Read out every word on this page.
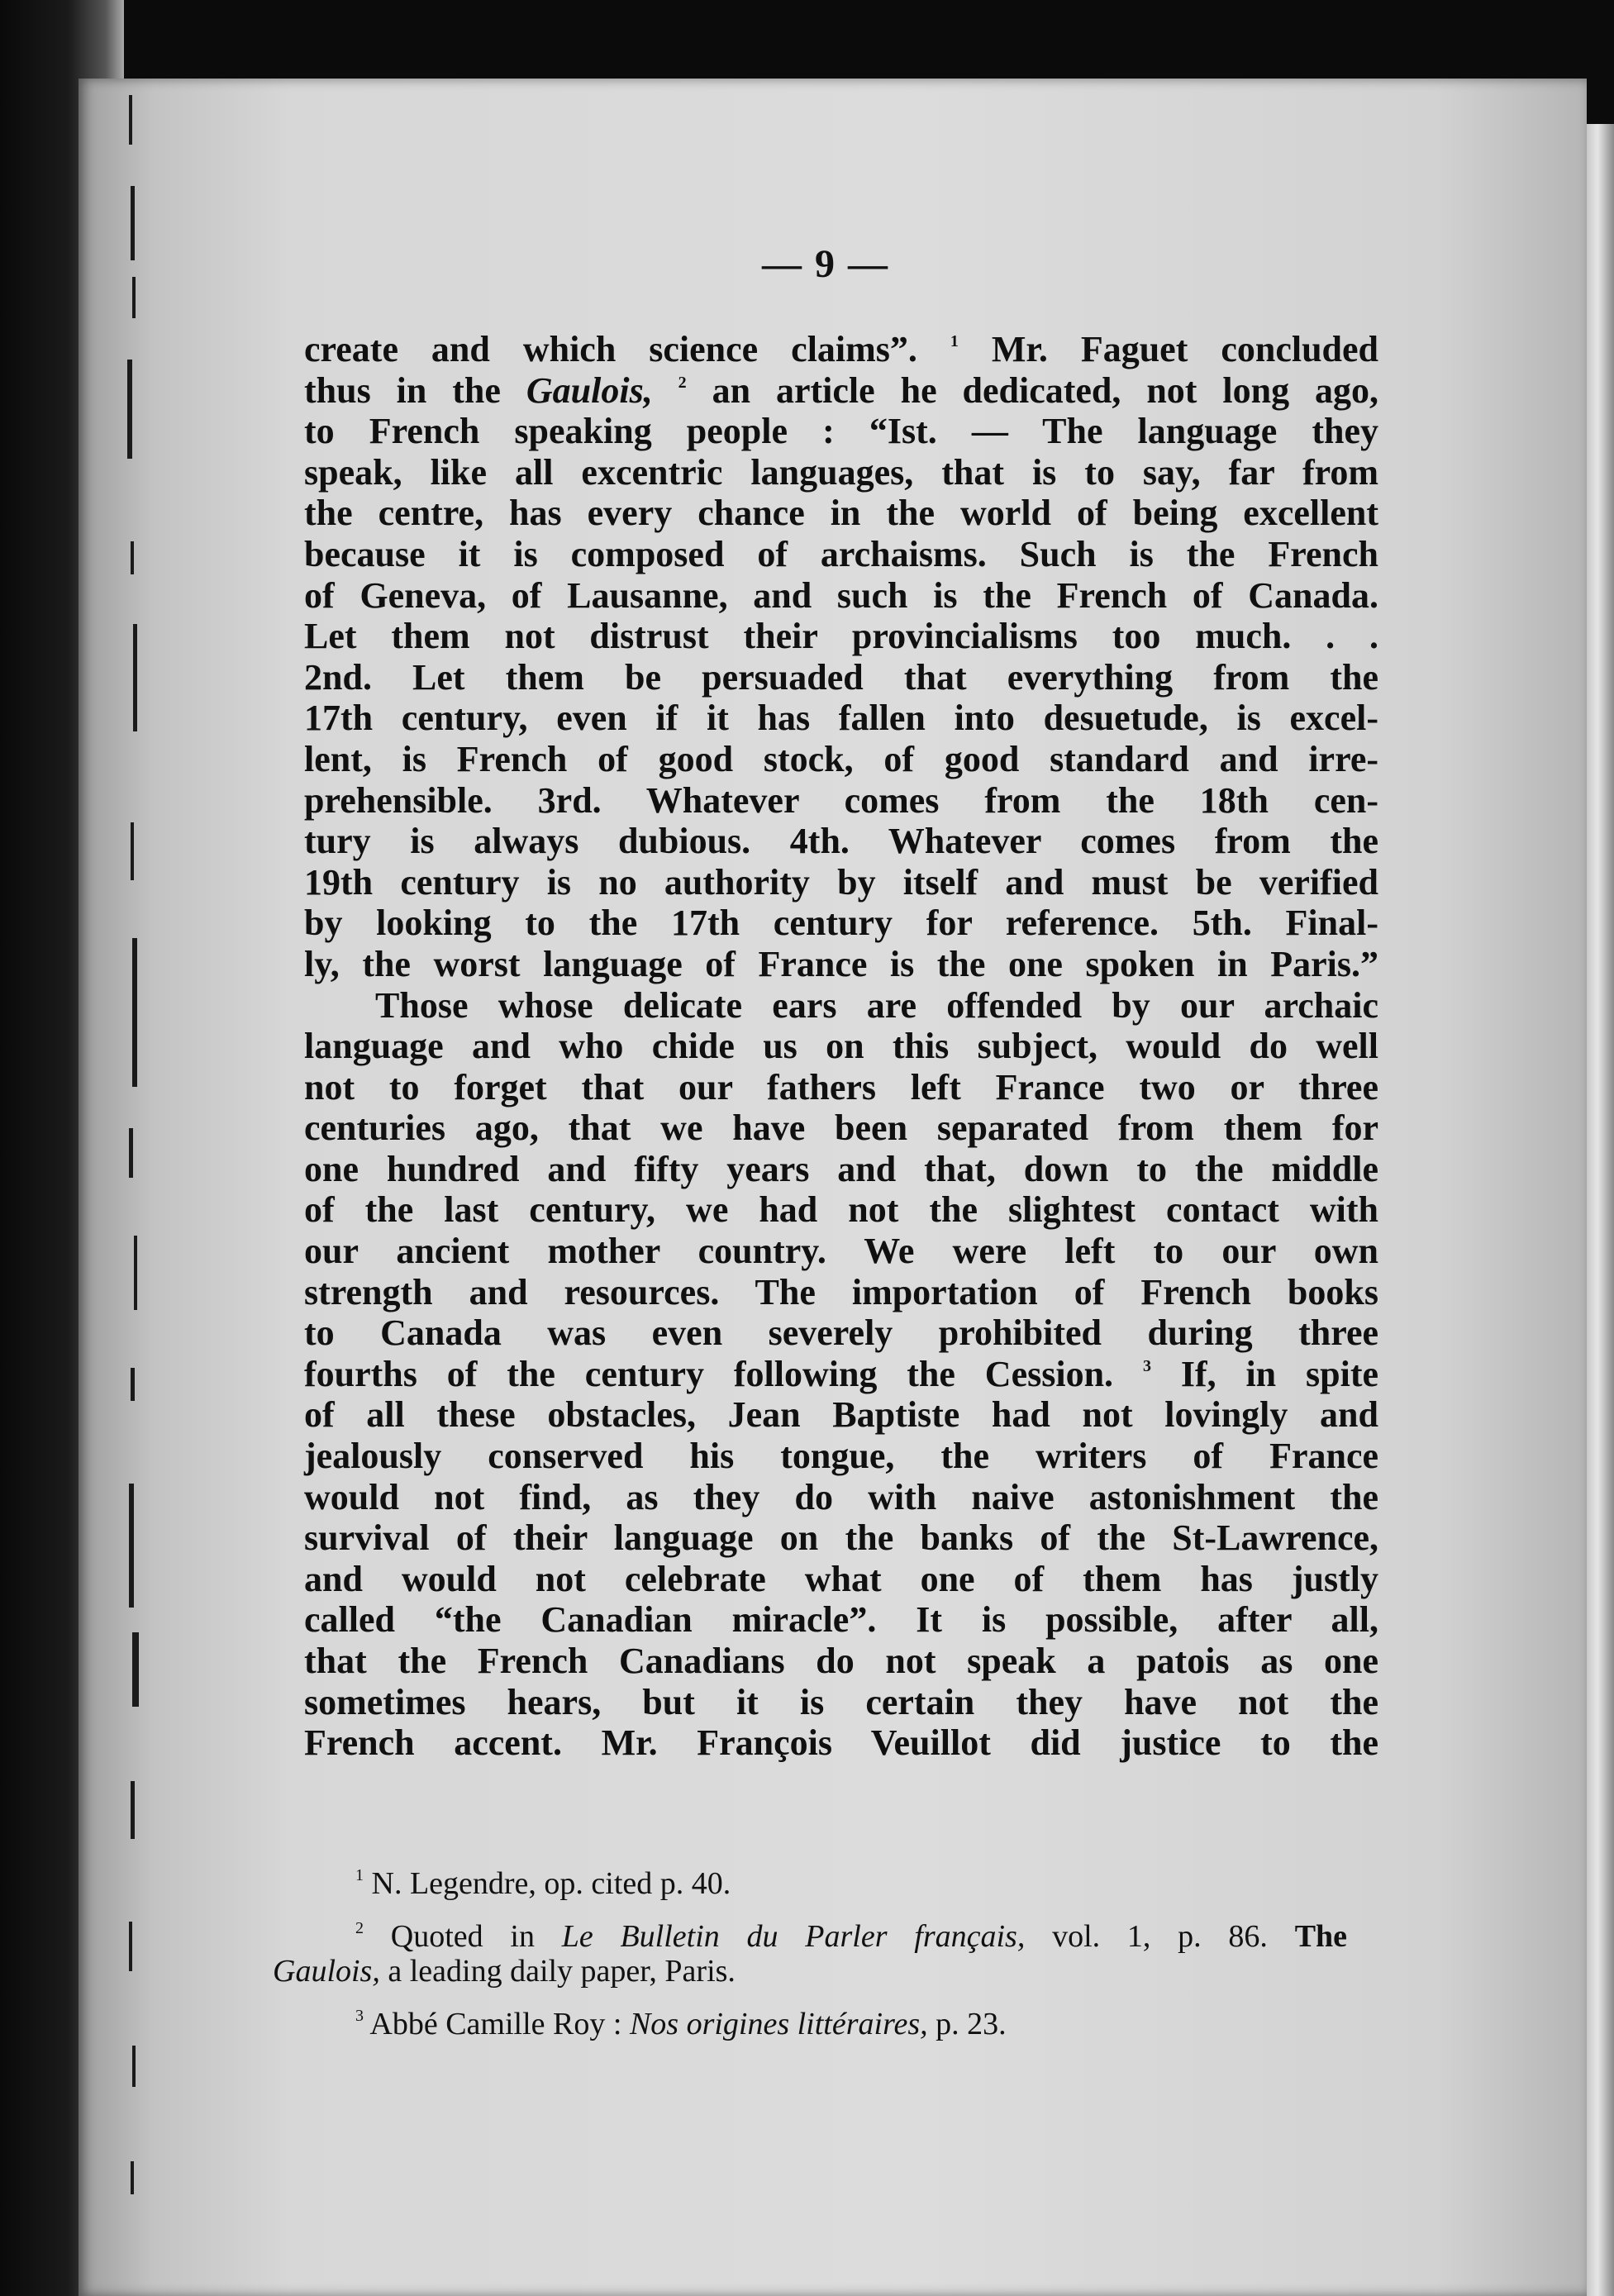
— 9 —
create and which science claims”. $^1$ Mr. Faguet concluded
thus in the Gaulois, $^2$ an article he dedicated, not long ago,
to French speaking people : “Ist. — The language they
speak, like all excentric languages, that is to say, far from
the centre, has every chance in the world of being excellent
because it is composed of archaisms. Such is the French
of Geneva, of Lausanne, and such is the French of Canada.
Let them not distrust their provincialisms too much. . .
2nd. Let them be persuaded that everything from the
17th century, even if it has fallen into desuetude, is excel-
lent, is French of good stock, of good standard and irre-
prehensible. 3rd. Whatever comes from the 18th cen-
tury is always dubious. 4th. Whatever comes from the
19th century is no authority by itself and must be verified
by looking to the 17th century for reference. 5th. Final-
ly, the worst language of France is the one spoken in Paris.”
Those whose delicate ears are offended by our archaic
language and who chide us on this subject, would do well
not to forget that our fathers left France two or three
centuries ago, that we have been separated from them for
one hundred and fifty years and that, down to the middle
of the last century, we had not the slightest contact with
our ancient mother country. We were left to our own
strength and resources. The importation of French books
to Canada was even severely prohibited during three
fourths of the century following the Cession. $^3$ If, in spite
of all these obstacles, Jean Baptiste had not lovingly and
jealously conserved his tongue, the writers of France
would not find, as they do with naive astonishment the
survival of their language on the banks of the St-Lawrence,
and would not celebrate what one of them has justly
called “the Canadian miracle”. It is possible, after all,
that the French Canadians do not speak a patois as one
sometimes hears, but it is certain they have not the
French accent. Mr. François Veuillot did justice to the
$^1$ N. Legendre, op. cited p. 40.
$^2$ Quoted in Le Bulletin du Parler français, vol. 1, p. 86. The
Gaulois, a leading daily paper, Paris.
$^3$ Abbé Camille Roy : Nos origines littéraires, p. 23.
